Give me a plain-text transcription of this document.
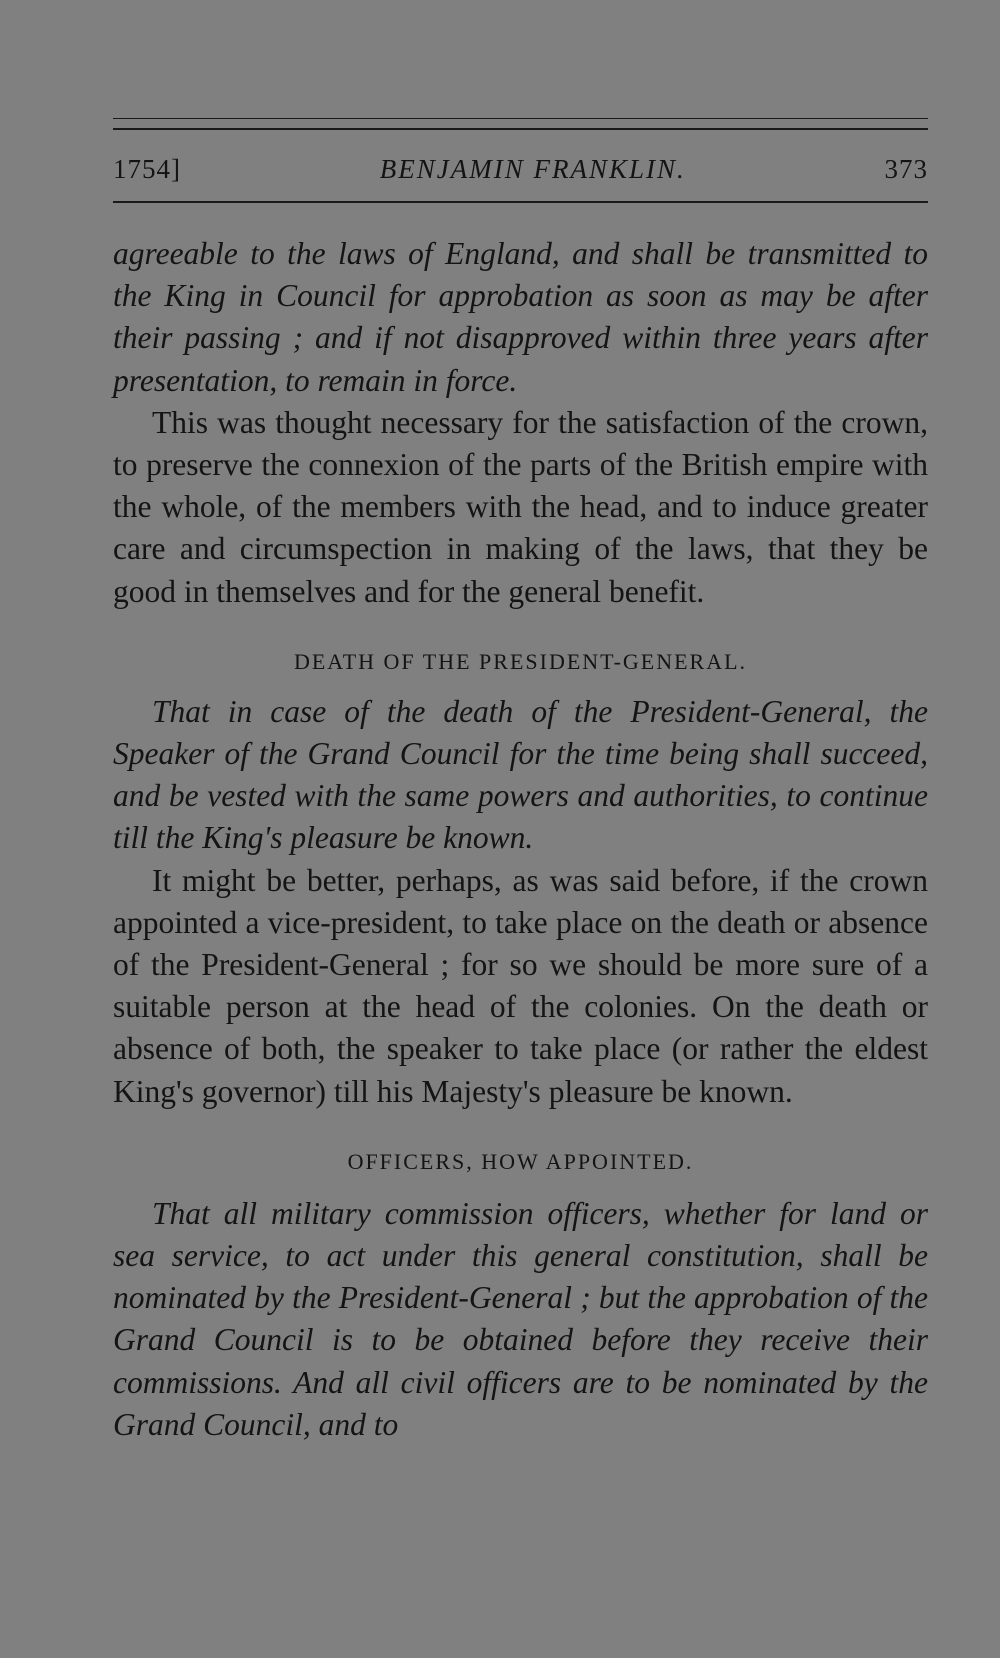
1754]	BENJAMIN FRANKLIN.	373

agreeable to the laws of England, and shall be transmitted to the King in Council for approbation as soon as may be after their passing ; and if not disapproved within three years after presentation, to remain in force.

This was thought necessary for the satisfaction of the crown, to preserve the connexion of the parts of the British empire with the whole, of the members with the head, and to induce greater care and circumspection in making of the laws, that they be good in themselves and for the general benefit.

DEATH OF THE PRESIDENT-GENERAL.

That in case of the death of the President-General, the Speaker of the Grand Council for the time being shall succeed, and be vested with the same powers and authorities, to continue till the King's pleasure be known.

It might be better, perhaps, as was said before, if the crown appointed a vice-president, to take place on the death or absence of the President-General ; for so we should be more sure of a suitable person at the head of the colonies. On the death or absence of both, the speaker to take place (or rather the eldest King's governor) till his Majesty's pleasure be known.

OFFICERS, HOW APPOINTED.

That all military commission officers, whether for land or sea service, to act under this general constitution, shall be nominated by the President-General ; but the approbation of the Grand Council is to be obtained before they receive their commissions. And all civil officers are to be nominated by the Grand Council, and to
